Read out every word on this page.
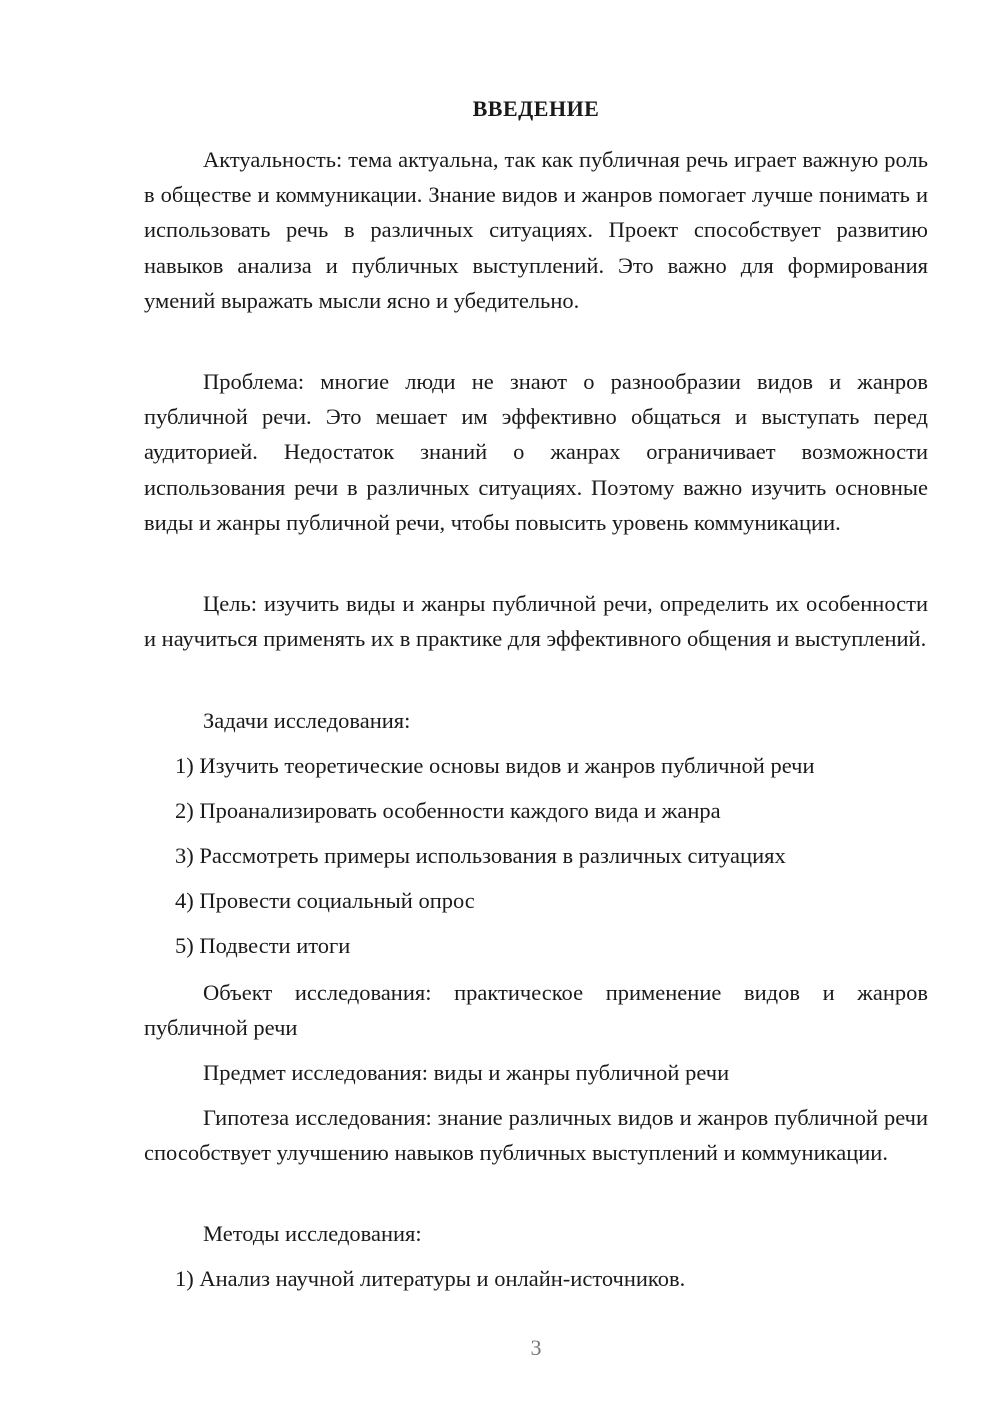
ВВЕДЕНИЕ

Актуальность: тема актуальна, так как публичная речь играет важную роль в обществе и коммуникации. Знание видов и жанров помогает лучше понимать и использовать речь в различных ситуациях. Проект способствует развитию навыков анализа и публичных выступлений. Это важно для формирования умений выражать мысли ясно и убедительно.

Проблема: многие люди не знают о разнообразии видов и жанров публичной речи. Это мешает им эффективно общаться и выступать перед аудиторией. Недостаток знаний о жанрах ограничивает возможности использования речи в различных ситуациях. Поэтому важно изучить основные виды и жанры публичной речи, чтобы повысить уровень коммуникации.

Цель: изучить виды и жанры публичной речи, определить их особенности и научиться применять их в практике для эффективного общения и выступлений.

Задачи исследования:

1) Изучить теоретические основы видов и жанров публичной речи

2) Проанализировать особенности каждого вида и жанра

3) Рассмотреть примеры использования в различных ситуациях

4) Провести социальный опрос

5) Подвести итоги

Объект исследования: практическое применение видов и жанров публичной речи

Предмет исследования: виды и жанры публичной речи

Гипотеза исследования: знание различных видов и жанров публичной речи способствует улучшению навыков публичных выступлений и коммуникации.

Методы исследования:

1) Анализ научной литературы и онлайн-источников.

3
